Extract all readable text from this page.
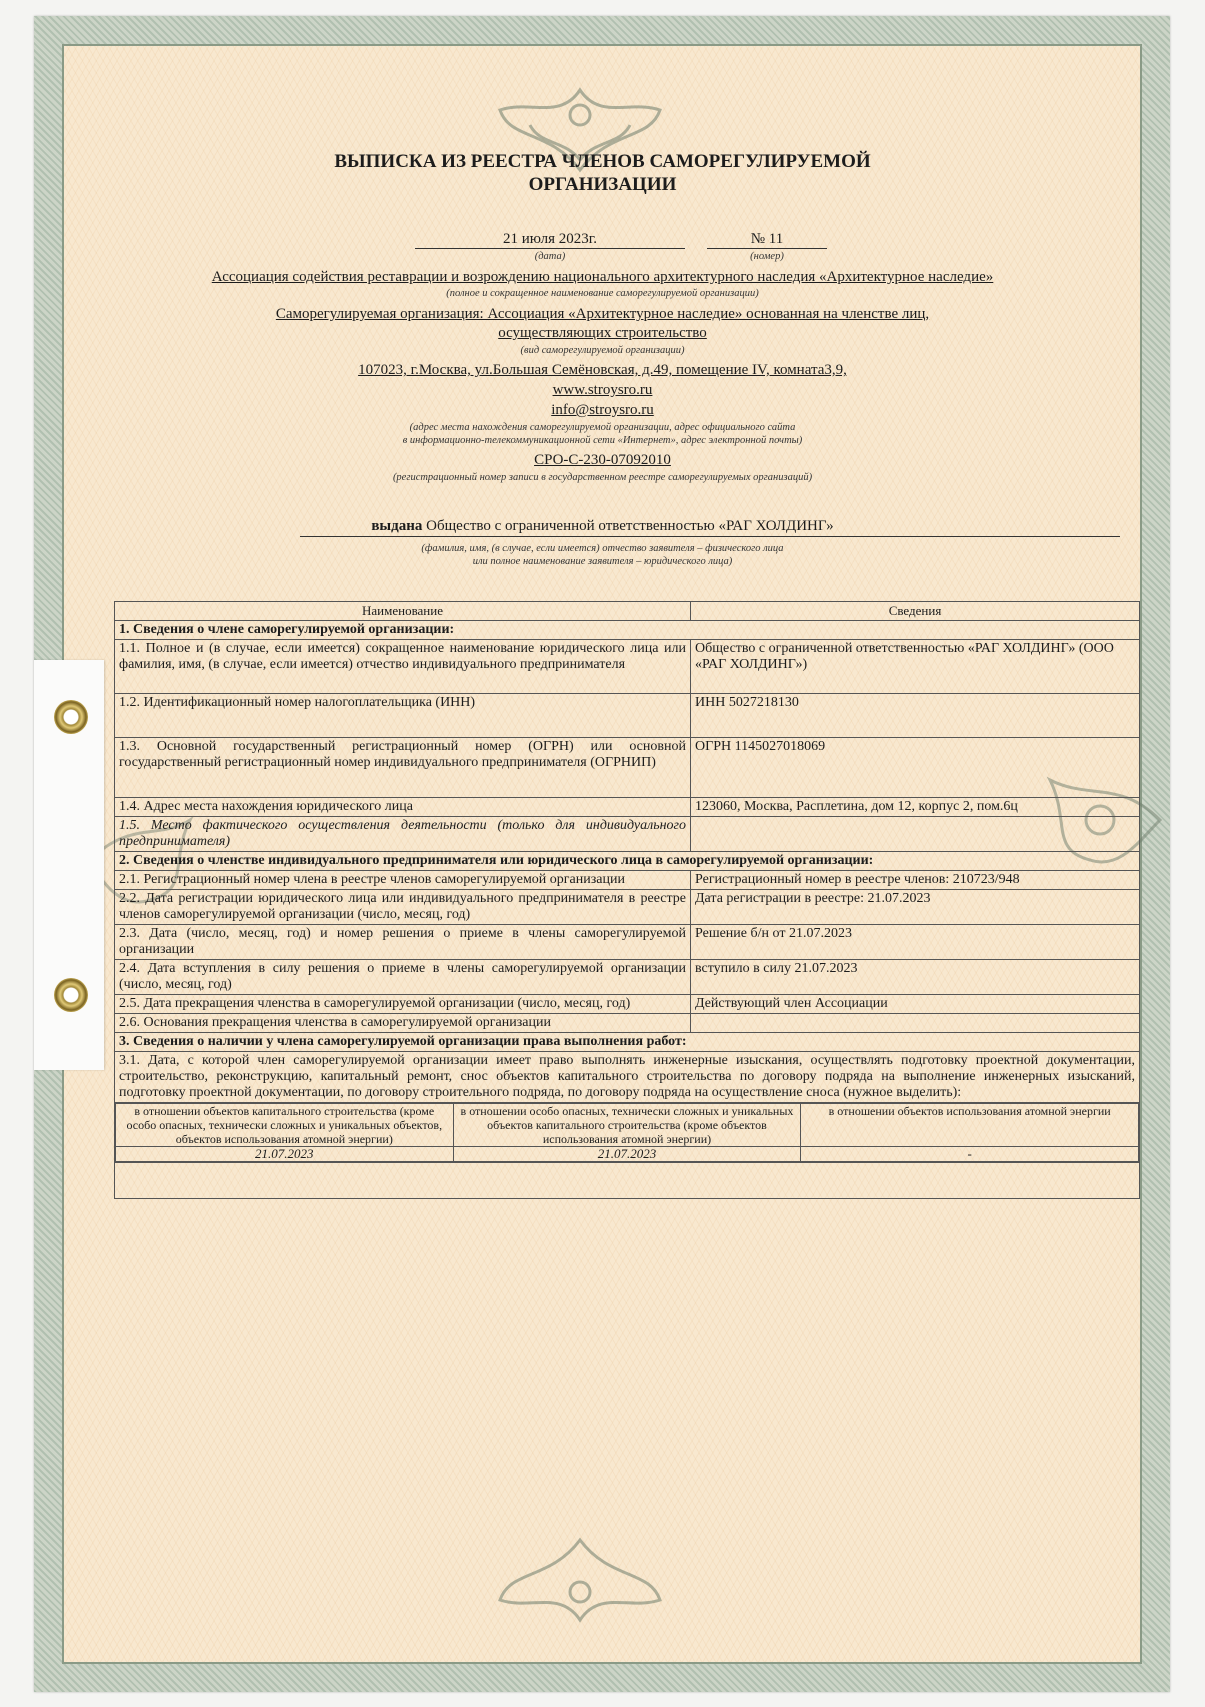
ВЫПИСКА ИЗ РЕЕСТРА ЧЛЕНОВ САМОРЕГУЛИРУЕМОЙ
ОРГАНИЗАЦИИ
21 июля 2023г.
(дата)
№ 11
(номер)
Ассоциация содействия реставрации и возрождению национального архитектурного наследия «Архитектурное наследие»
(полное и сокращенное наименование саморегулируемой организации)
Саморегулируемая организация: Ассоциация «Архитектурное наследие» основанная на членстве лиц,
осуществляющих строительство
(вид саморегулируемой организации)
107023, г.Москва, ул.Большая Семёновская, д.49, помещение IV, комната3,9,
www.stroysro.ru
info@stroysro.ru
(адрес места нахождения саморегулируемой организации, адрес официального сайта
в информационно-телекоммуникационной сети «Интернет», адрес электронной почты)
СРО-С-230-07092010
(регистрационный номер записи в государственном реестре саморегулируемых организаций)
выдана Общество с ограниченной ответственностью «РАГ ХОЛДИНГ»
(фамилия, имя, (в случае, если имеется) отчество заявителя – физического лица
или полное наименование заявителя – юридического лица)
Наименование	Сведения
1. Сведения о члене саморегулируемой организации:
1.1. Полное и (в случае, если имеется) сокращенное наименование юридического лица или фамилия, имя, (в случае, если имеется) отчество индивидуального предпринимателя	Общество с ограниченной ответственностью «РАГ ХОЛДИНГ» (ООО «РАГ ХОЛДИНГ»)
1.2. Идентификационный номер налогоплательщика (ИНН)	ИНН 5027218130
1.3. Основной государственный регистрационный номер (ОГРН) или основной государственный регистрационный номер индивидуального предпринимателя (ОГРНИП)	ОГРН 1145027018069
1.4. Адрес места нахождения юридического лица	123060, Москва, Расплетина, дом 12, корпус 2, пом.6ц
1.5. Место фактического осуществления деятельности (только для индивидуального предпринимателя)	
2. Сведения о членстве индивидуального предпринимателя или юридического лица в саморегулируемой организации:
2.1. Регистрационный номер члена в реестре членов саморегулируемой организации	Регистрационный номер в реестре членов: 210723/948
2.2. Дата регистрации юридического лица или индивидуального предпринимателя в реестре членов саморегулируемой организации (число, месяц, год)	Дата регистрации в реестре: 21.07.2023
2.3. Дата (число, месяц, год) и номер решения о приеме в члены саморегулируемой организации	Решение б/н от 21.07.2023
2.4. Дата вступления в силу решения о приеме в члены саморегулируемой организации (число, месяц, год)	вступило в силу 21.07.2023
2.5. Дата прекращения членства в саморегулируемой организации (число, месяц, год)	Действующий член Ассоциации
2.6. Основания прекращения членства в саморегулируемой организации	
3. Сведения о наличии у члена саморегулируемой организации права выполнения работ:
3.1. Дата, с которой член саморегулируемой организации имеет право выполнять инженерные изыскания, осуществлять подготовку проектной документации, строительство, реконструкцию, капитальный ремонт, снос объектов капитального строительства по договору подряда на выполнение инженерных изысканий, подготовку проектной документации, по договору строительного подряда, по договору подряда на осуществление сноса (нужное выделить):

в отношении объектов капитального строительства (кроме особо опасных, технически сложных и уникальных объектов, объектов использования атомной энергии)	в отношении особо опасных, технически сложных и уникальных объектов капитального строительства (кроме объектов использования атомной энергии)	в отношении объектов использования атомной энергии
21.07.2023	21.07.2023	-
